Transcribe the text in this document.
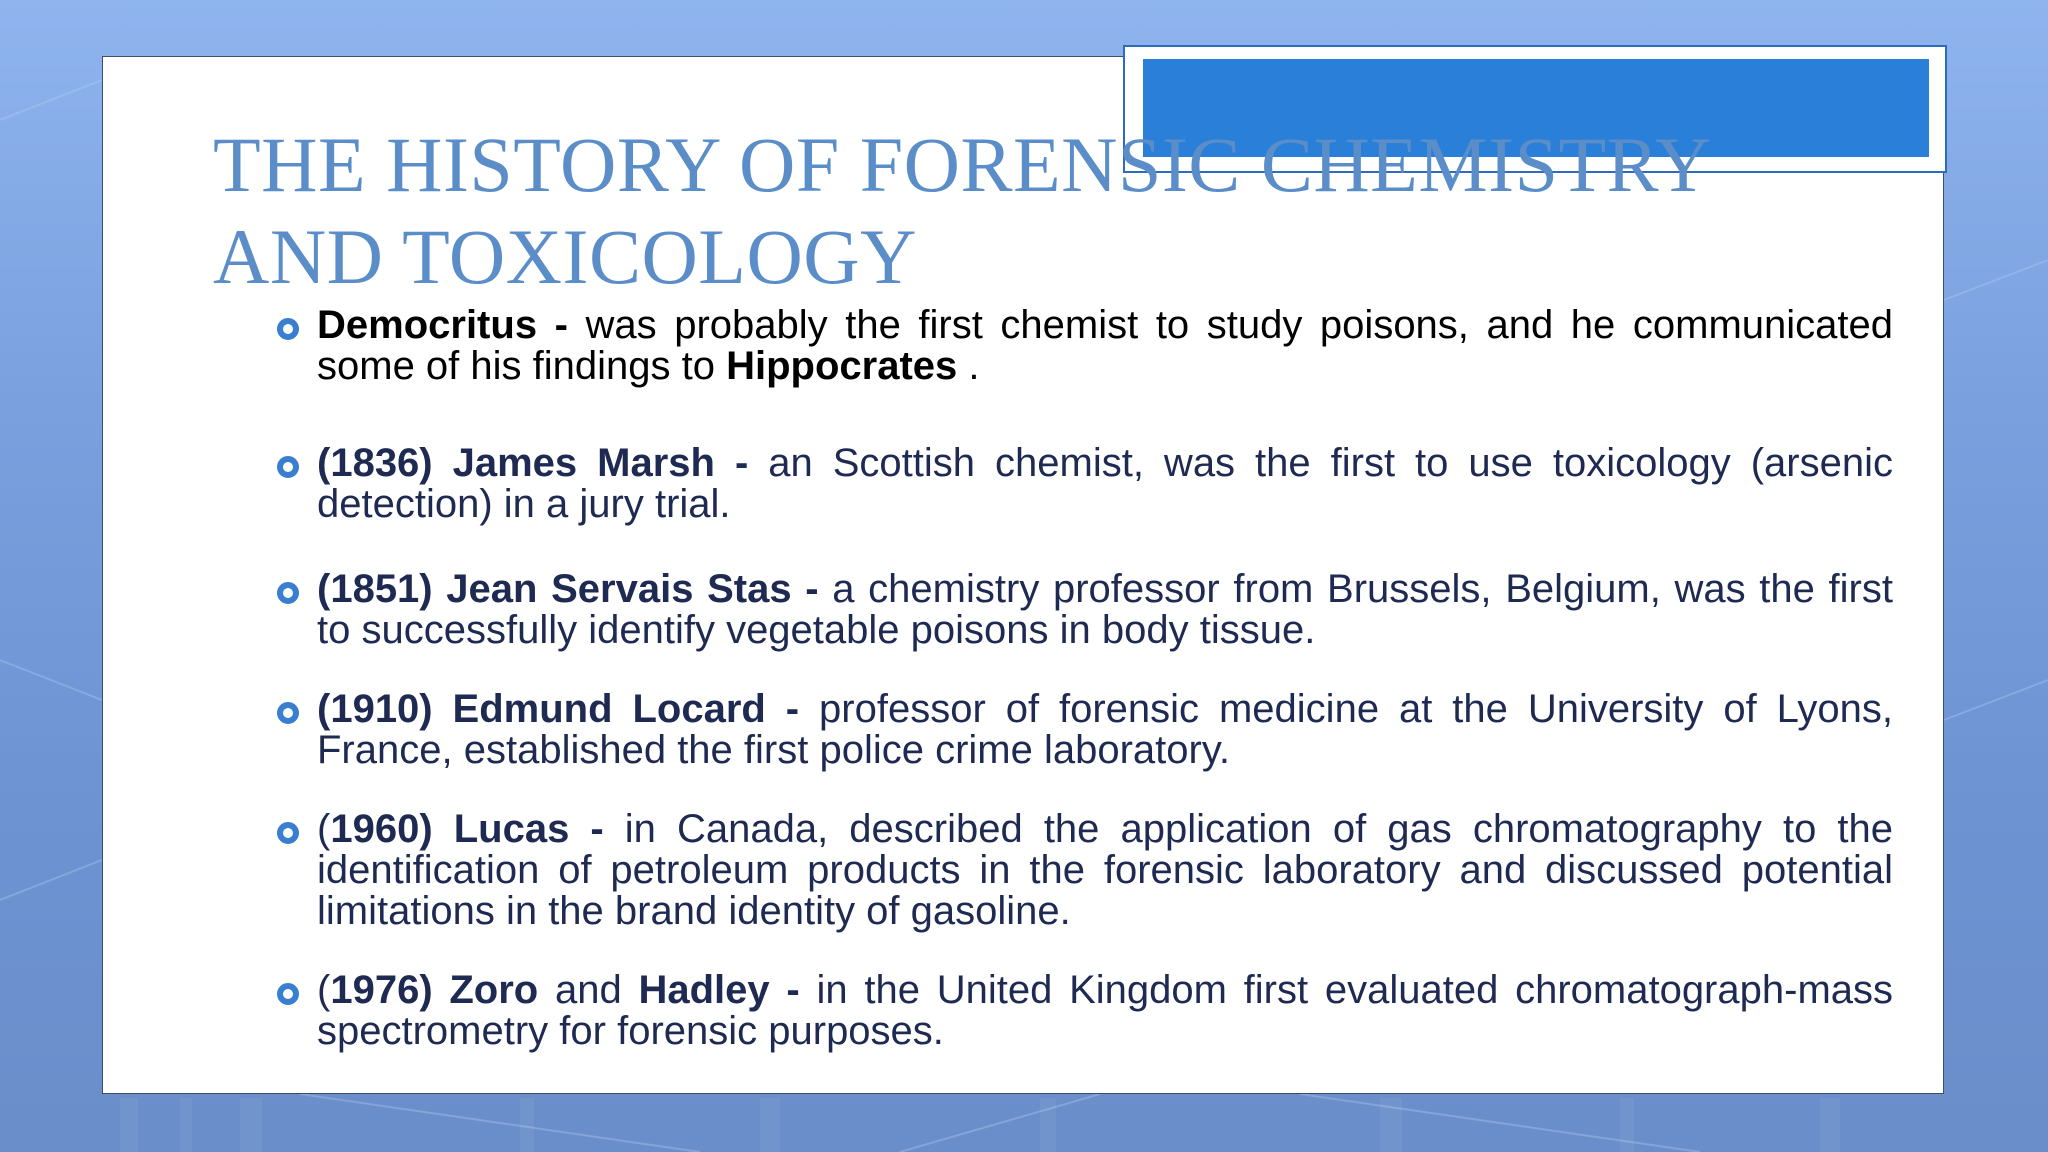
THE HISTORY OF FORENSIC CHEMISTRY AND TOXICOLOGY
Democritus - was probably the first chemist to study poisons, and he communicated some of his findings to Hippocrates .
(1836) James Marsh - an Scottish chemist, was the first to use toxicology (arsenic detection) in a jury trial.
(1851) Jean Servais Stas - a chemistry professor from Brussels, Belgium, was the first to successfully identify vegetable poisons in body tissue.
(1910) Edmund Locard - professor of forensic medicine at the University of Lyons, France, established the first police crime laboratory.
(1960) Lucas - in Canada, described the application of gas chromatography to the identification of petroleum products in the forensic laboratory and discussed potential limitations in the brand identity of gasoline.
(1976) Zoro and Hadley - in the United Kingdom first evaluated chromatograph-mass spectrometry for forensic purposes.
